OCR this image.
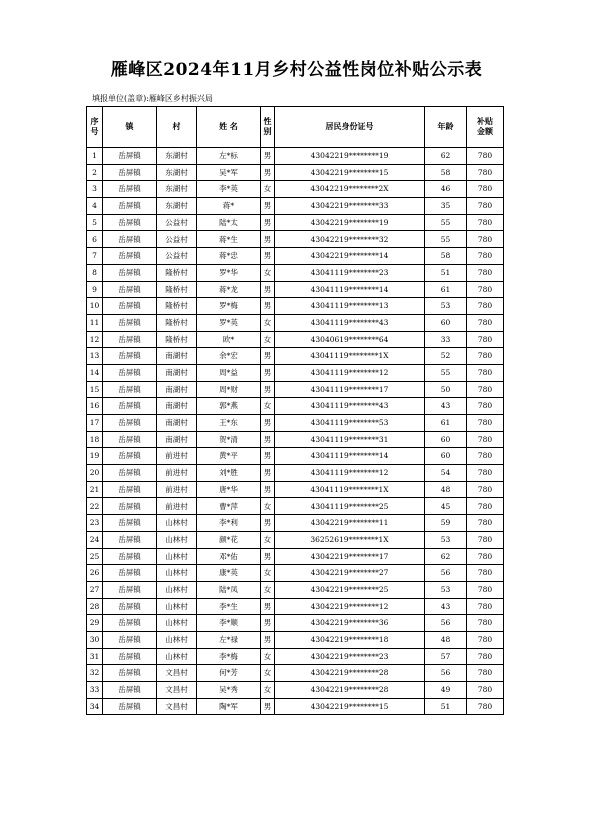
雁峰区2024年11月乡村公益性岗位补贴公示表
填报单位(盖章):雁峰区乡村振兴局
序号	镇	村	姓 名	性别	居民身份证号	年龄	补贴金额
1	岳屏镇	东湖村	左*标	男	43042219********19	62	780
2	岳屏镇	东湖村	吴*军	男	43042219********15	58	780
3	岳屏镇	东湖村	李*英	女	43042219********2X	46	780
4	岳屏镇	东湖村	蒋*	男	43042219********33	35	780
5	岳屏镇	公益村	陆*太	男	43042219********19	55	780
6	岳屏镇	公益村	蒋*生	男	43042219********32	55	780
7	岳屏镇	公益村	蒋*忠	男	43042219********14	58	780
8	岳屏镇	隆桥村	罗*华	女	43041119********23	51	780
9	岳屏镇	隆桥村	蒋*龙	男	43041119********14	61	780
10	岳屏镇	隆桥村	罗*梅	男	43041119********13	53	780
11	岳屏镇	隆桥村	罗*英	女	43041119********43	60	780
12	岳屏镇	隆桥村	欧*	女	43040619********64	33	780
13	岳屏镇	南湖村	余*宏	男	43041119********1X	52	780
14	岳屏镇	南湖村	周*益	男	43041119********12	55	780
15	岳屏镇	南湖村	周*财	男	43041119********17	50	780
16	岳屏镇	南湖村	郭*燕	女	43041119********43	43	780
17	岳屏镇	南湖村	王*东	男	43041119********53	61	780
18	岳屏镇	南湖村	贺*清	男	43041119********31	60	780
19	岳屏镇	前进村	黄*平	男	43041119********14	60	780
20	岳屏镇	前进村	刘*胜	男	43041119********12	54	780
21	岳屏镇	前进村	唐*华	男	43041119********1X	48	780
22	岳屏镇	前进村	曹*萍	女	43041119********25	45	780
23	岳屏镇	山林村	李*利	男	43042219********11	59	780
24	岳屏镇	山林村	颜*花	女	36252619********1X	53	780
25	岳屏镇	山林村	邓*佑	男	43042219********17	62	780
26	岳屏镇	山林村	康*英	女	43042219********27	56	780
27	岳屏镇	山林村	陆*凤	女	43042219********25	53	780
28	岳屏镇	山林村	李*生	男	43042219********12	43	780
29	岳屏镇	山林村	李*顺	男	43042219********36	56	780
30	岳屏镇	山林村	左*禄	男	43042219********18	48	780
31	岳屏镇	山林村	李*梅	女	43042219********23	57	780
32	岳屏镇	文昌村	何*芳	女	43042219********28	56	780
33	岳屏镇	文昌村	吴*秀	女	43042219********28	49	780
34	岳屏镇	文昌村	陶*军	男	43042219********15	51	780
